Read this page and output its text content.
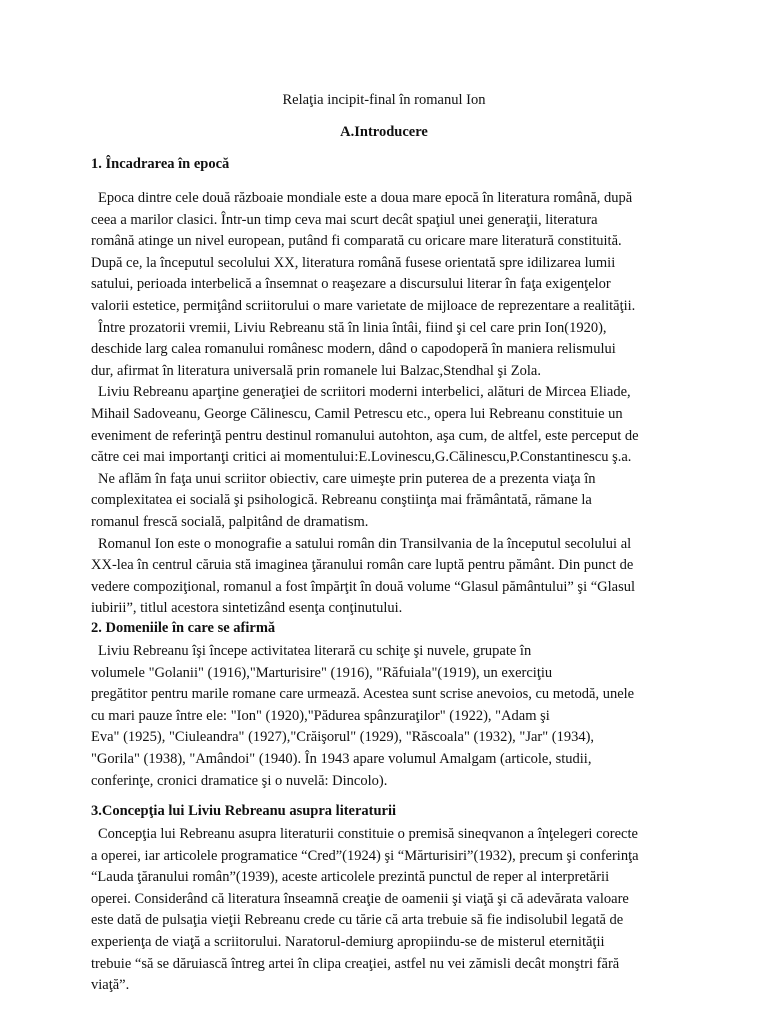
Relaţia incipit-final în romanul Ion
A.Introducere
1. Încadrarea în epocă
Epoca dintre cele două războaie mondiale este a doua mare epocă în literatura română, după
ceea a marilor clasici. Într-un timp ceva mai scurt decât spaţiul unei generaţii, literatura
română atinge un nivel european, putând fi comparată cu oricare mare literatură constituită.
După ce, la începutul secolului XX, literatura română fusese orientată spre idilizarea lumii
satului, perioada interbelică a însemnat o reaşezare a discursului literar în faţa exigenţelor
valorii estetice, permiţând scriitorului o mare varietate de mijloace de reprezentare a realităţii.
Între prozatorii vremii, Liviu Rebreanu stă în linia întâi, fiind şi cel care prin Ion(1920),
deschide larg calea romanului românesc modern, dând o capodoperă în maniera relismului
dur, afirmat în literatura universală prin romanele lui Balzac,Stendhal şi Zola.
Liviu Rebreanu aparţine generaţiei de scriitori moderni interbelici, alături de Mircea Eliade,
Mihail Sadoveanu, George Călinescu, Camil Petrescu etc., opera lui Rebreanu constituie un
eveniment de referinţă pentru destinul romanului autohton, aşa cum, de altfel, este perceput de
către cei mai importanţi critici ai momentului:E.Lovinescu,G.Călinescu,P.Constantinescu ş.a.
Ne aflăm în faţa unui scriitor obiectiv, care uimeşte prin puterea de a prezenta viaţa în
complexitatea ei socială şi psihologică. Rebreanu conştiinţa mai frământată, rămane la
romanul frescă socială, palpitând de dramatism.
Romanul Ion este o monografie a satului român din Transilvania de la începutul secolului al
XX-lea în centrul căruia stă imaginea ţăranului român care luptă pentru pământ. Din punct de
vedere compoziţional, romanul a fost împărţit în două volume “Glasul pământului” şi “Glasul
iubirii”, titlul acestora sintetizând esenţa conţinutului.
2. Domeniile în care se afirmă
Liviu Rebreanu îşi începe activitatea literară cu schiţe şi nuvele, grupate în
volumele "Golanii" (1916),"Marturisire" (1916), "Răfuiala"(1919), un exerciţiu
pregătitor pentru marile romane care urmează. Acestea sunt scrise anevoios, cu metodă, unele
cu mari pauze între ele: "Ion" (1920),"Pădurea spânzuraţilor" (1922), "Adam şi
Eva" (1925), "Ciuleandra" (1927),"Crăişorul" (1929), "Răscoala" (1932), "Jar" (1934),
"Gorila" (1938), "Amândoi" (1940). În 1943 apare volumul Amalgam (articole, studii,
conferinţe, cronici dramatice şi o nuvelă: Dincolo).
3.Concepţia lui Liviu Rebreanu asupra literaturii
Concepţia lui Rebreanu asupra literaturii constituie o premisă sineqvanon a înţelegeri corecte
a operei, iar articolele programatice “Cred”(1924) şi “Mărturisiri”(1932), precum şi conferinţa
“Lauda ţăranului român”(1939), aceste articolele prezintă punctul de reper al interpretării
operei. Considerând că literatura înseamnă creaţie de oamenii şi viaţă şi că adevărata valoare
este dată de pulsaţia vieţii Rebreanu crede cu tărie că arta trebuie să fie indisolubil legată de
experienţa de viaţă a scriitorului. Naratorul-demiurg apropiindu-se de misterul eternităţii
trebuie “să se dăruiască întreg artei în clipa creaţiei, astfel nu vei zămisli decât monştri fără
viaţă”.
